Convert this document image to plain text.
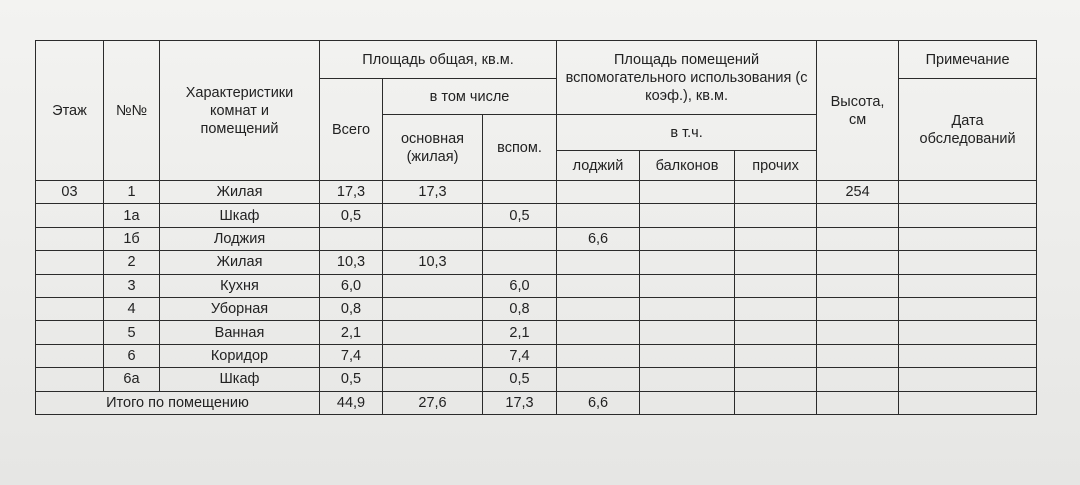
Этаж	№№	Характеристики комнат и помещений	Площадь общая, кв.м.			Площадь помещений вспомогательного использования (с коэф.), кв.м.			Высота, см	Примечание
			Всего	в том числе						Дата обследований

				основная (жилая)	вспом.	в т.ч.				
						лоджий	балконов	прочих		
03	1	Жилая	17,3	17,3					254	
	1а	Шкаф	0,5		0,5					
	1б	Лоджия				6,6				
	2	Жилая	10,3	10,3						
	3	Кухня	6,0		6,0					
	4	Уборная	0,8		0,8					
	5	Ванная	2,1		2,1					
	6	Коридор	7,4		7,4					
	6а	Шкаф	0,5		0,5					
Итого по помещению			44,9	27,6	17,3	6,6				
